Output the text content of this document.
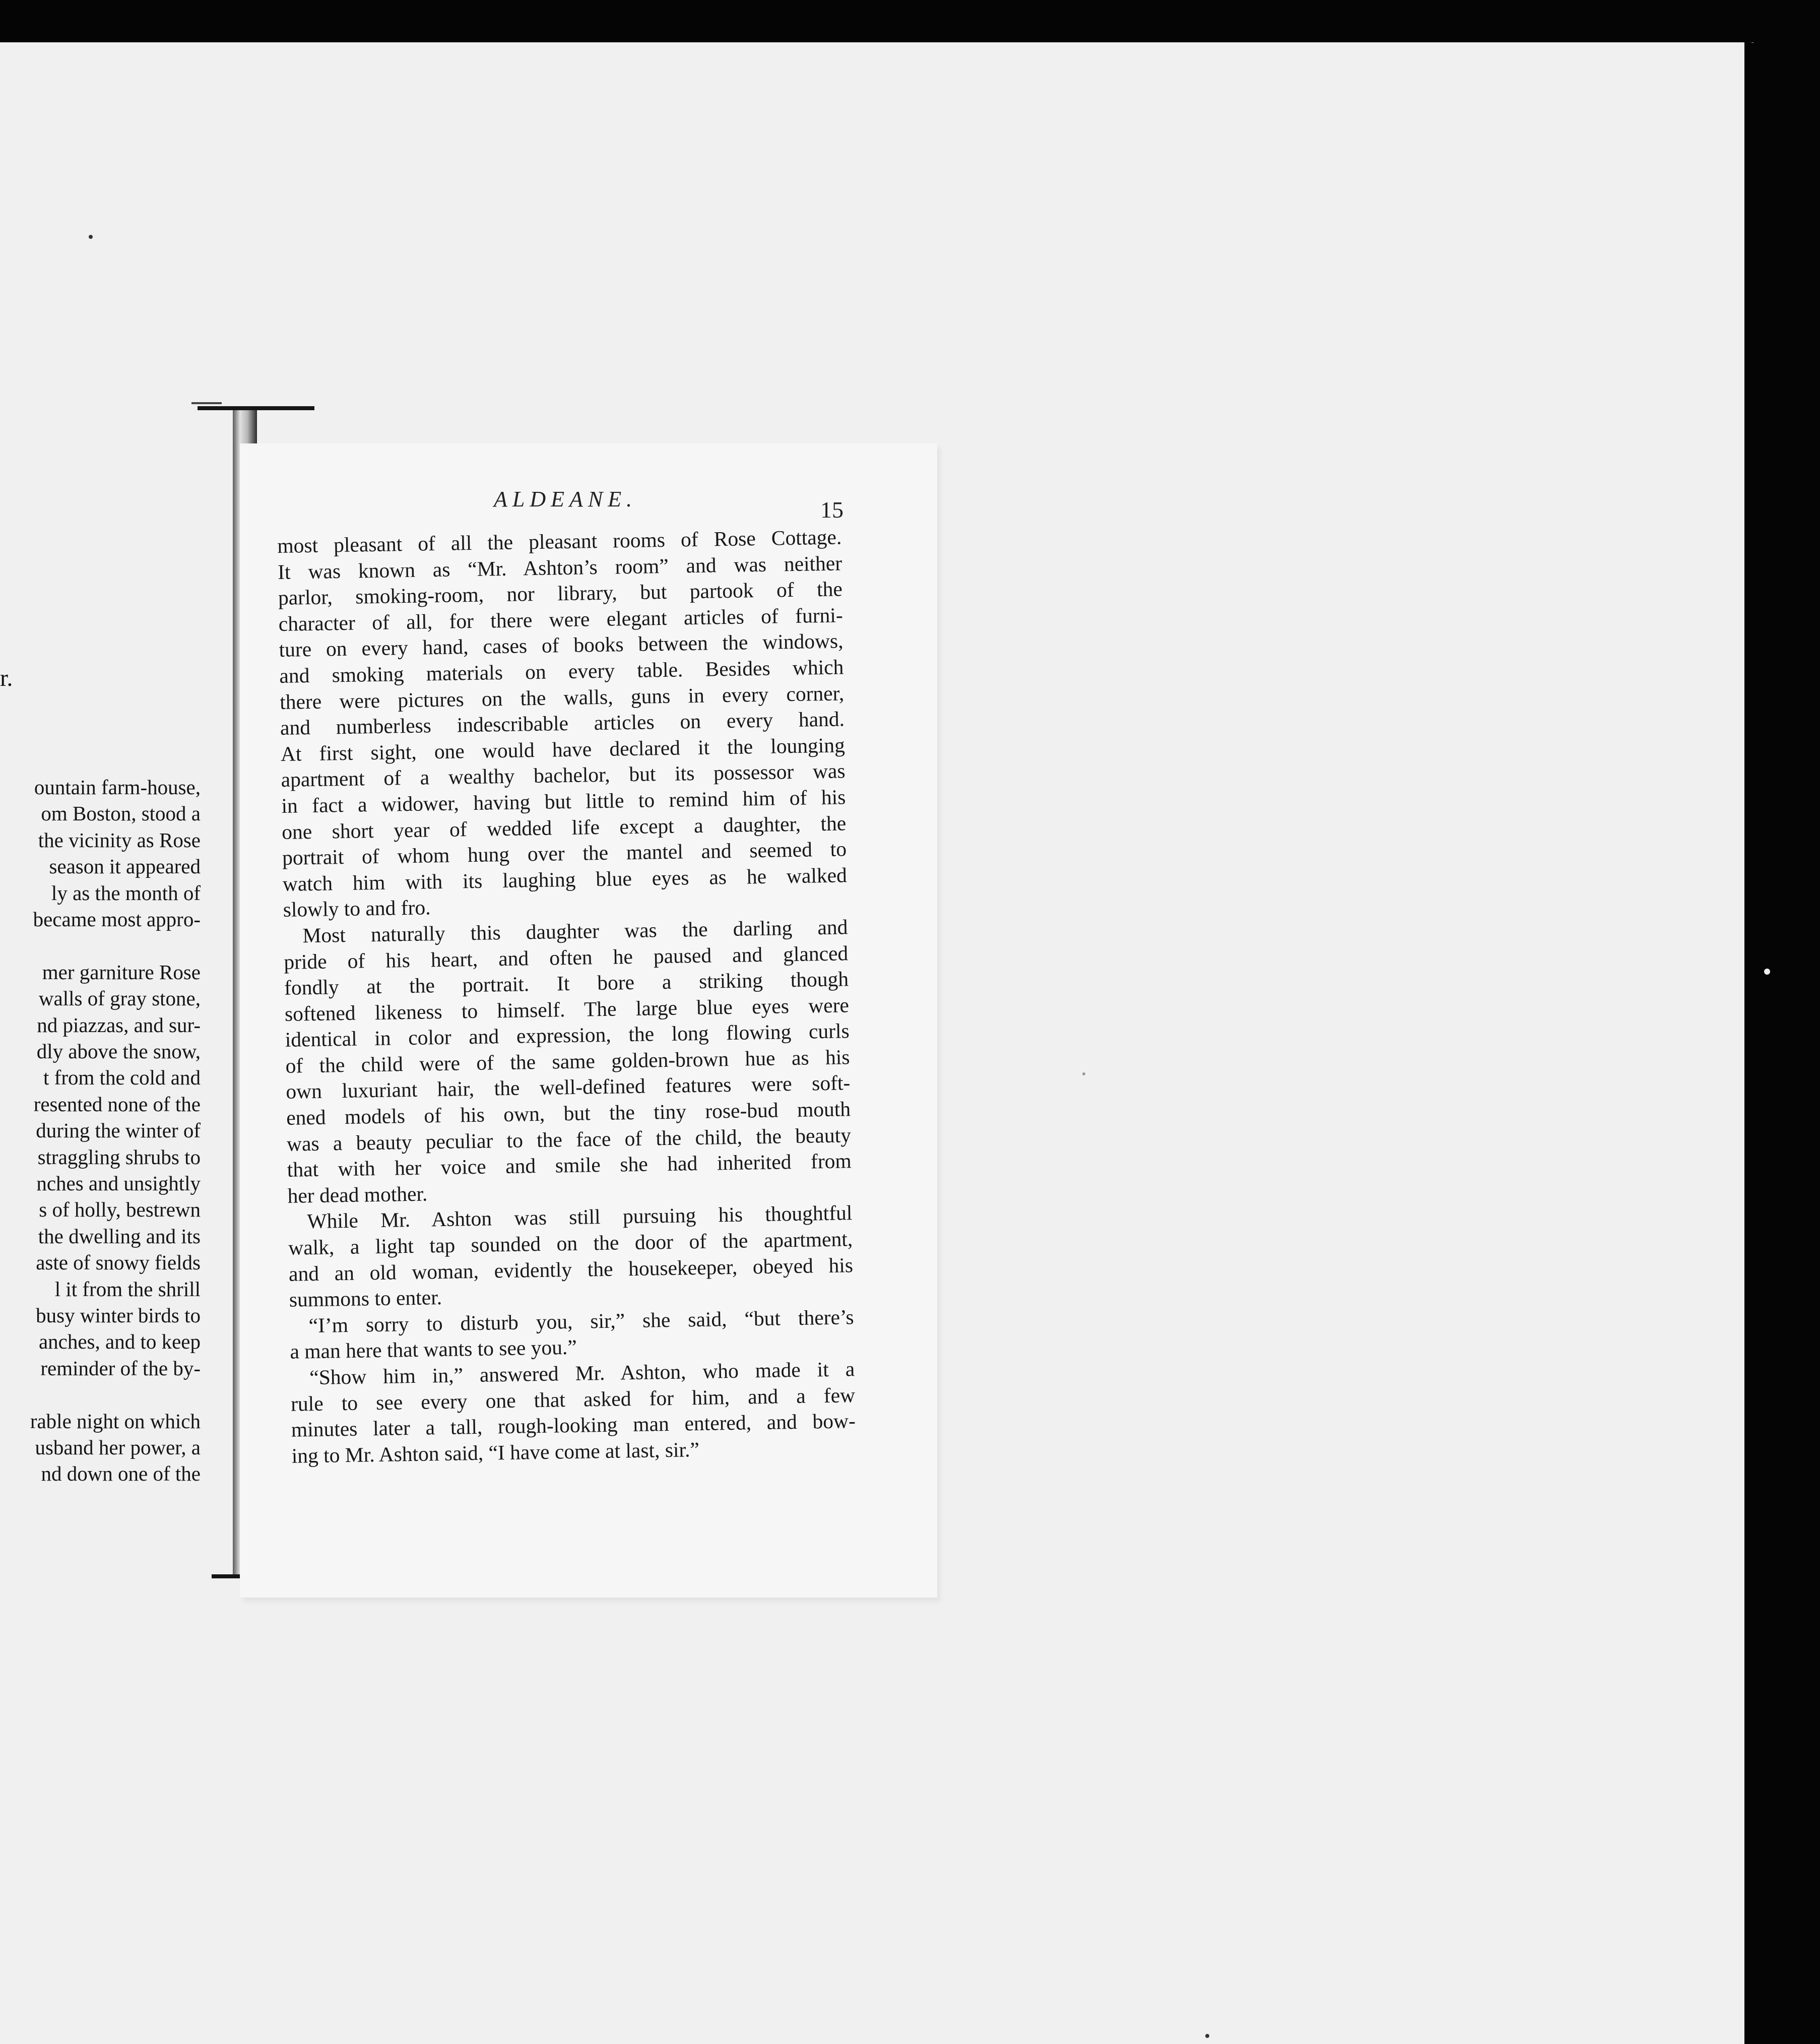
r.
ountain farm-house,
om Boston, stood a
the vicinity as Rose
season it appeared
ly as the month of
became most appro-
mer garniture Rose
walls of gray stone,
nd piazzas, and sur-
dly above the snow,
t from the cold and
resented none of the
during the winter of
straggling shrubs to
nches and unsightly
s of holly, bestrewn
the dwelling and its
aste of snowy fields
l it from the shrill
busy winter birds to
anches, and to keep
reminder of the by-
rable night on which
usband her power, a
nd down one of the
ALDEANE.	15
most pleasant of all the pleasant rooms of Rose Cottage.
It was known as “Mr. Ashton’s room” and was neither
parlor, smoking-room, nor library, but partook of the
character of all, for there were elegant articles of furni-
ture on every hand, cases of books between the windows,
and smoking materials on every table. Besides which
there were pictures on the walls, guns in every corner,
and numberless indescribable articles on every hand.
At first sight, one would have declared it the lounging
apartment of a wealthy bachelor, but its possessor was
in fact a widower, having but little to remind him of his
one short year of wedded life except a daughter, the
portrait of whom hung over the mantel and seemed to
watch him with its laughing blue eyes as he walked
slowly to and fro.
Most naturally this daughter was the darling and
pride of his heart, and often he paused and glanced
fondly at the portrait. It bore a striking though
softened likeness to himself. The large blue eyes were
identical in color and expression, the long flowing curls
of the child were of the same golden-brown hue as his
own luxuriant hair, the well-defined features were soft-
ened models of his own, but the tiny rose-bud mouth
was a beauty peculiar to the face of the child, the beauty
that with her voice and smile she had inherited from
her dead mother.
While Mr. Ashton was still pursuing his thoughtful
walk, a light tap sounded on the door of the apartment,
and an old woman, evidently the housekeeper, obeyed his
summons to enter.
“I’m sorry to disturb you, sir,” she said, “but there’s
a man here that wants to see you.”
“Show him in,” answered Mr. Ashton, who made it a
rule to see every one that asked for him, and a few
minutes later a tall, rough-looking man entered, and bow-
ing to Mr. Ashton said, “I have come at last, sir.”
